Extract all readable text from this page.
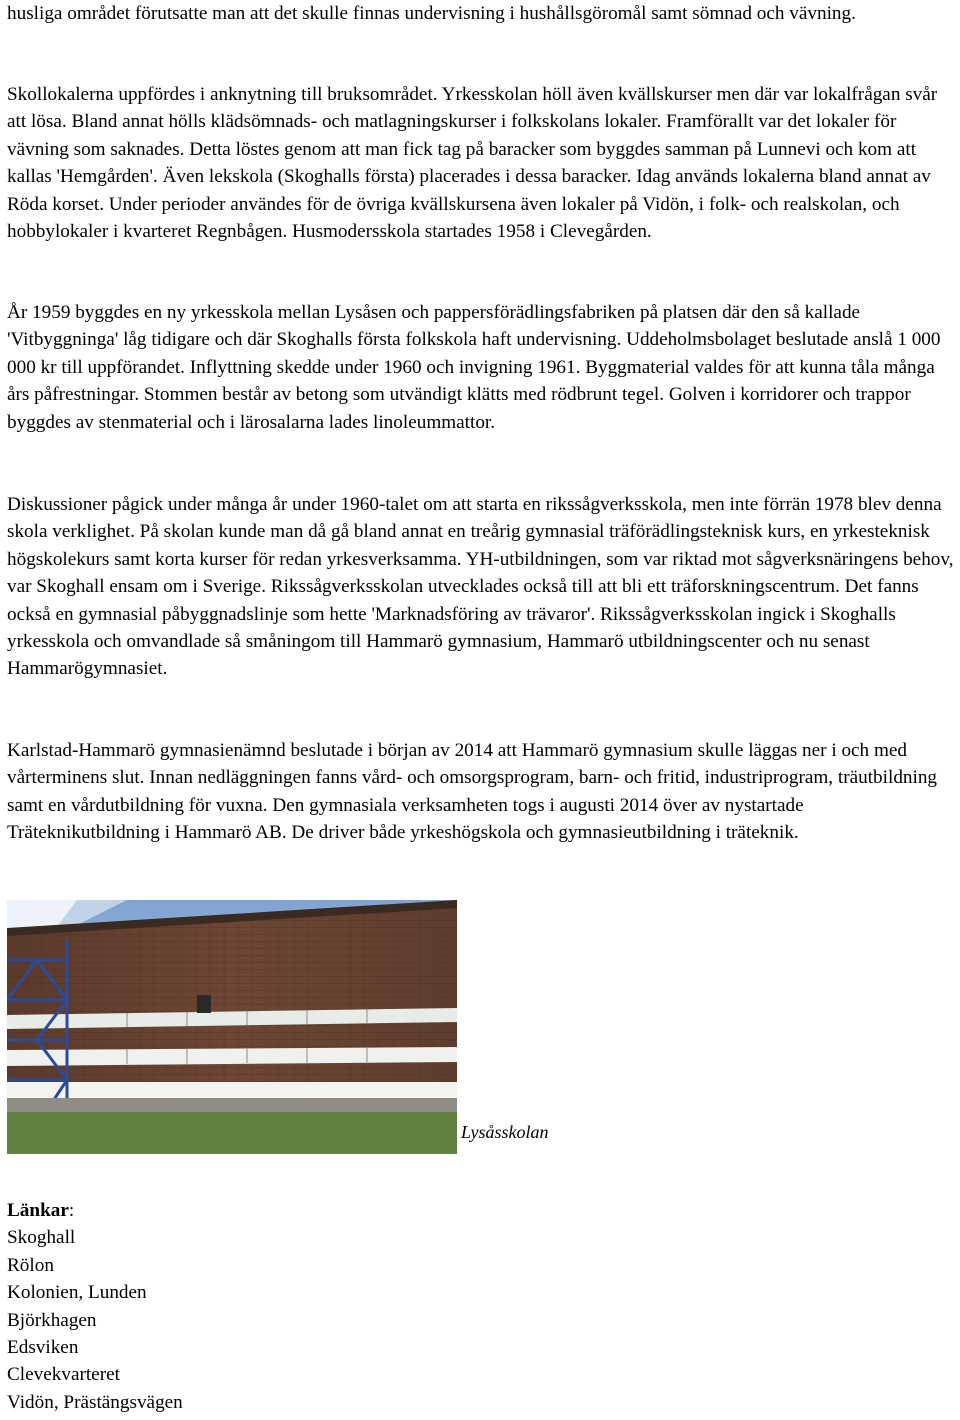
husliga området förutsatte man att det skulle finnas undervisning i hushållsgöromål samt sömnad och vävning.

Skollokalerna uppfördes i anknytning till bruksområdet. Yrkesskolan höll även kvällskurser men där var lokalfrågan svår att lösa. Bland annat hölls klädsömnads- och matlagningskurser i folkskolans lokaler. Framförallt var det lokaler för vävning som saknades. Detta löstes genom att man fick tag på baracker som byggdes samman på Lunnevi och kom att kallas 'Hemgården'. Även lekskola (Skoghalls första) placerades i dessa baracker. Idag används lokalerna bland annat av Röda korset. Under perioder användes för de övriga kvällskursena även lokaler på Vidön, i folk- och realskolan, och hobbylokaler i kvarteret Regnbågen. Husmodersskola startades 1958 i Clevegården.

År 1959 byggdes en ny yrkesskola mellan Lysåsen och pappersförädlingsfabriken på platsen där den så kallade 'Vitbyggninga' låg tidigare och där Skoghalls första folkskola haft undervisning. Uddeholmsbolaget beslutade anslå 1 000 000 kr till uppförandet. Inflyttning skedde under 1960 och invigning 1961. Byggmaterial valdes för att kunna tåla många års påfrestningar. Stommen består av betong som utvändigt klätts med rödbrunt tegel. Golven i korridorer och trappor byggdes av stenmaterial och i lärosalarna lades linoleummattor.

Diskussioner pågick under många år under 1960-talet om att starta en rikssågverksskola, men inte förrän 1978 blev denna skola verklighet. På skolan kunde man då gå bland annat en treårig gymnasial träförädlingsteknisk kurs, en yrkesteknisk högskolekurs samt korta kurser för redan yrkesverksamma. YH-utbildningen, som var riktad mot sågverksnäringens behov, var Skoghall ensam om i Sverige. Rikssågverksskolan utvecklades också till att bli ett träforskningscentrum. Det fanns också en gymnasial påbyggnadslinje som hette 'Marknadsföring av trävaror'. Rikssågverksskolan ingick i Skoghalls yrkesskola och omvandlade så småningom till Hammarö gymnasium, Hammarö utbildningscenter och nu senast Hammarögymnasiet.

Karlstad-Hammarö gymnasienämnd beslutade i början av 2014 att Hammarö gymnasium skulle läggas ner i och med vårterminens slut. Innan nedläggningen fanns vård- och omsorgsprogram, barn- och fritid, industriprogram, träutbildning samt en vårdutbildning för vuxna. Den gymnasiala verksamheten togs i augusti 2014 över av nystartade Träteknikutbildning i Hammarö AB. De driver både yrkeshögskola och gymnasieutbildning i träteknik.

Lysåsskolan
Länkar:
Skoghall
Rölon
Kolonien, Lunden
Björkhagen
Edsviken
Clevekvarteret
Vidön, Prästängsvägen
